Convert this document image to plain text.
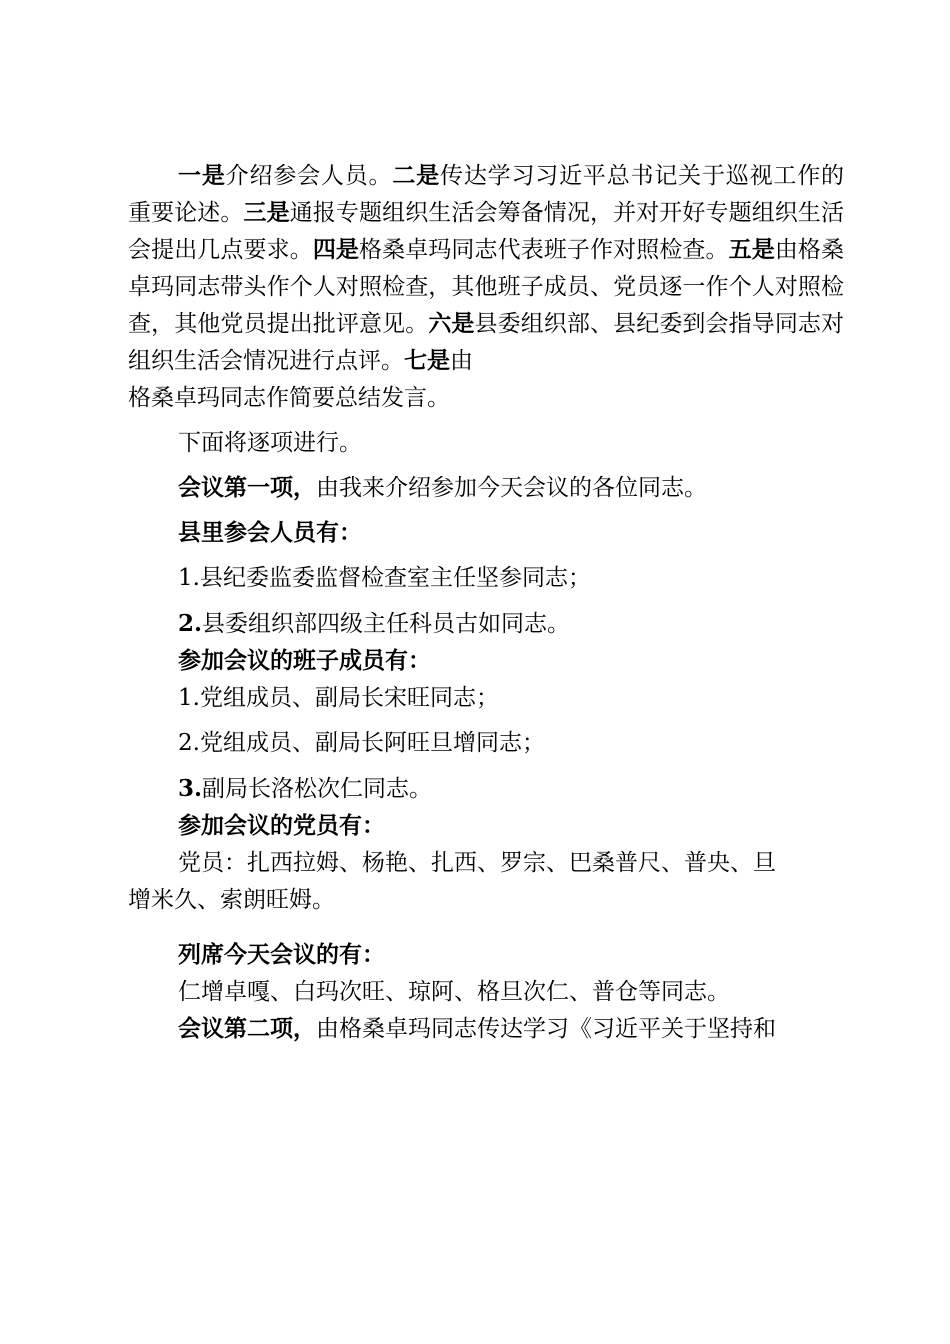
一是介绍参会人员。二是传达学习习近平总书记关于巡视工作的重要论述。三是通报专题组织生活会筹备情况，并对开好专题组织生活会提出几点要求。四是格桑卓玛同志代表班子作对照检查。五是由格桑卓玛同志带头作个人对照检查，其他班子成员、党员逐一作个人对照检查，其他党员提出批评意见。六是县委组织部、县纪委到会指导同志对组织生活会情况进行点评。七是由

格桑卓玛同志作简要总结发言。

下面将逐项进行。

会议第一项，由我来介绍参加今天会议的各位同志。

县里参会人员有：

1.县纪委监委监督检查室主任坚参同志；

2.县委组织部四级主任科员古如同志。

参加会议的班子成员有：

1.党组成员、副局长宋旺同志；

2.党组成员、副局长阿旺旦增同志；

3.副局长洛松次仁同志。

参加会议的党员有：

党员：扎西拉姆、杨艳、扎西、罗宗、巴桑普尺、普央、旦

增米久、索朗旺姆。

列席今天会议的有：

仁增卓嘎、白玛次旺、琼阿、格旦次仁、普仓等同志。

会议第二项，由格桑卓玛同志传达学习《习近平关于坚持和
